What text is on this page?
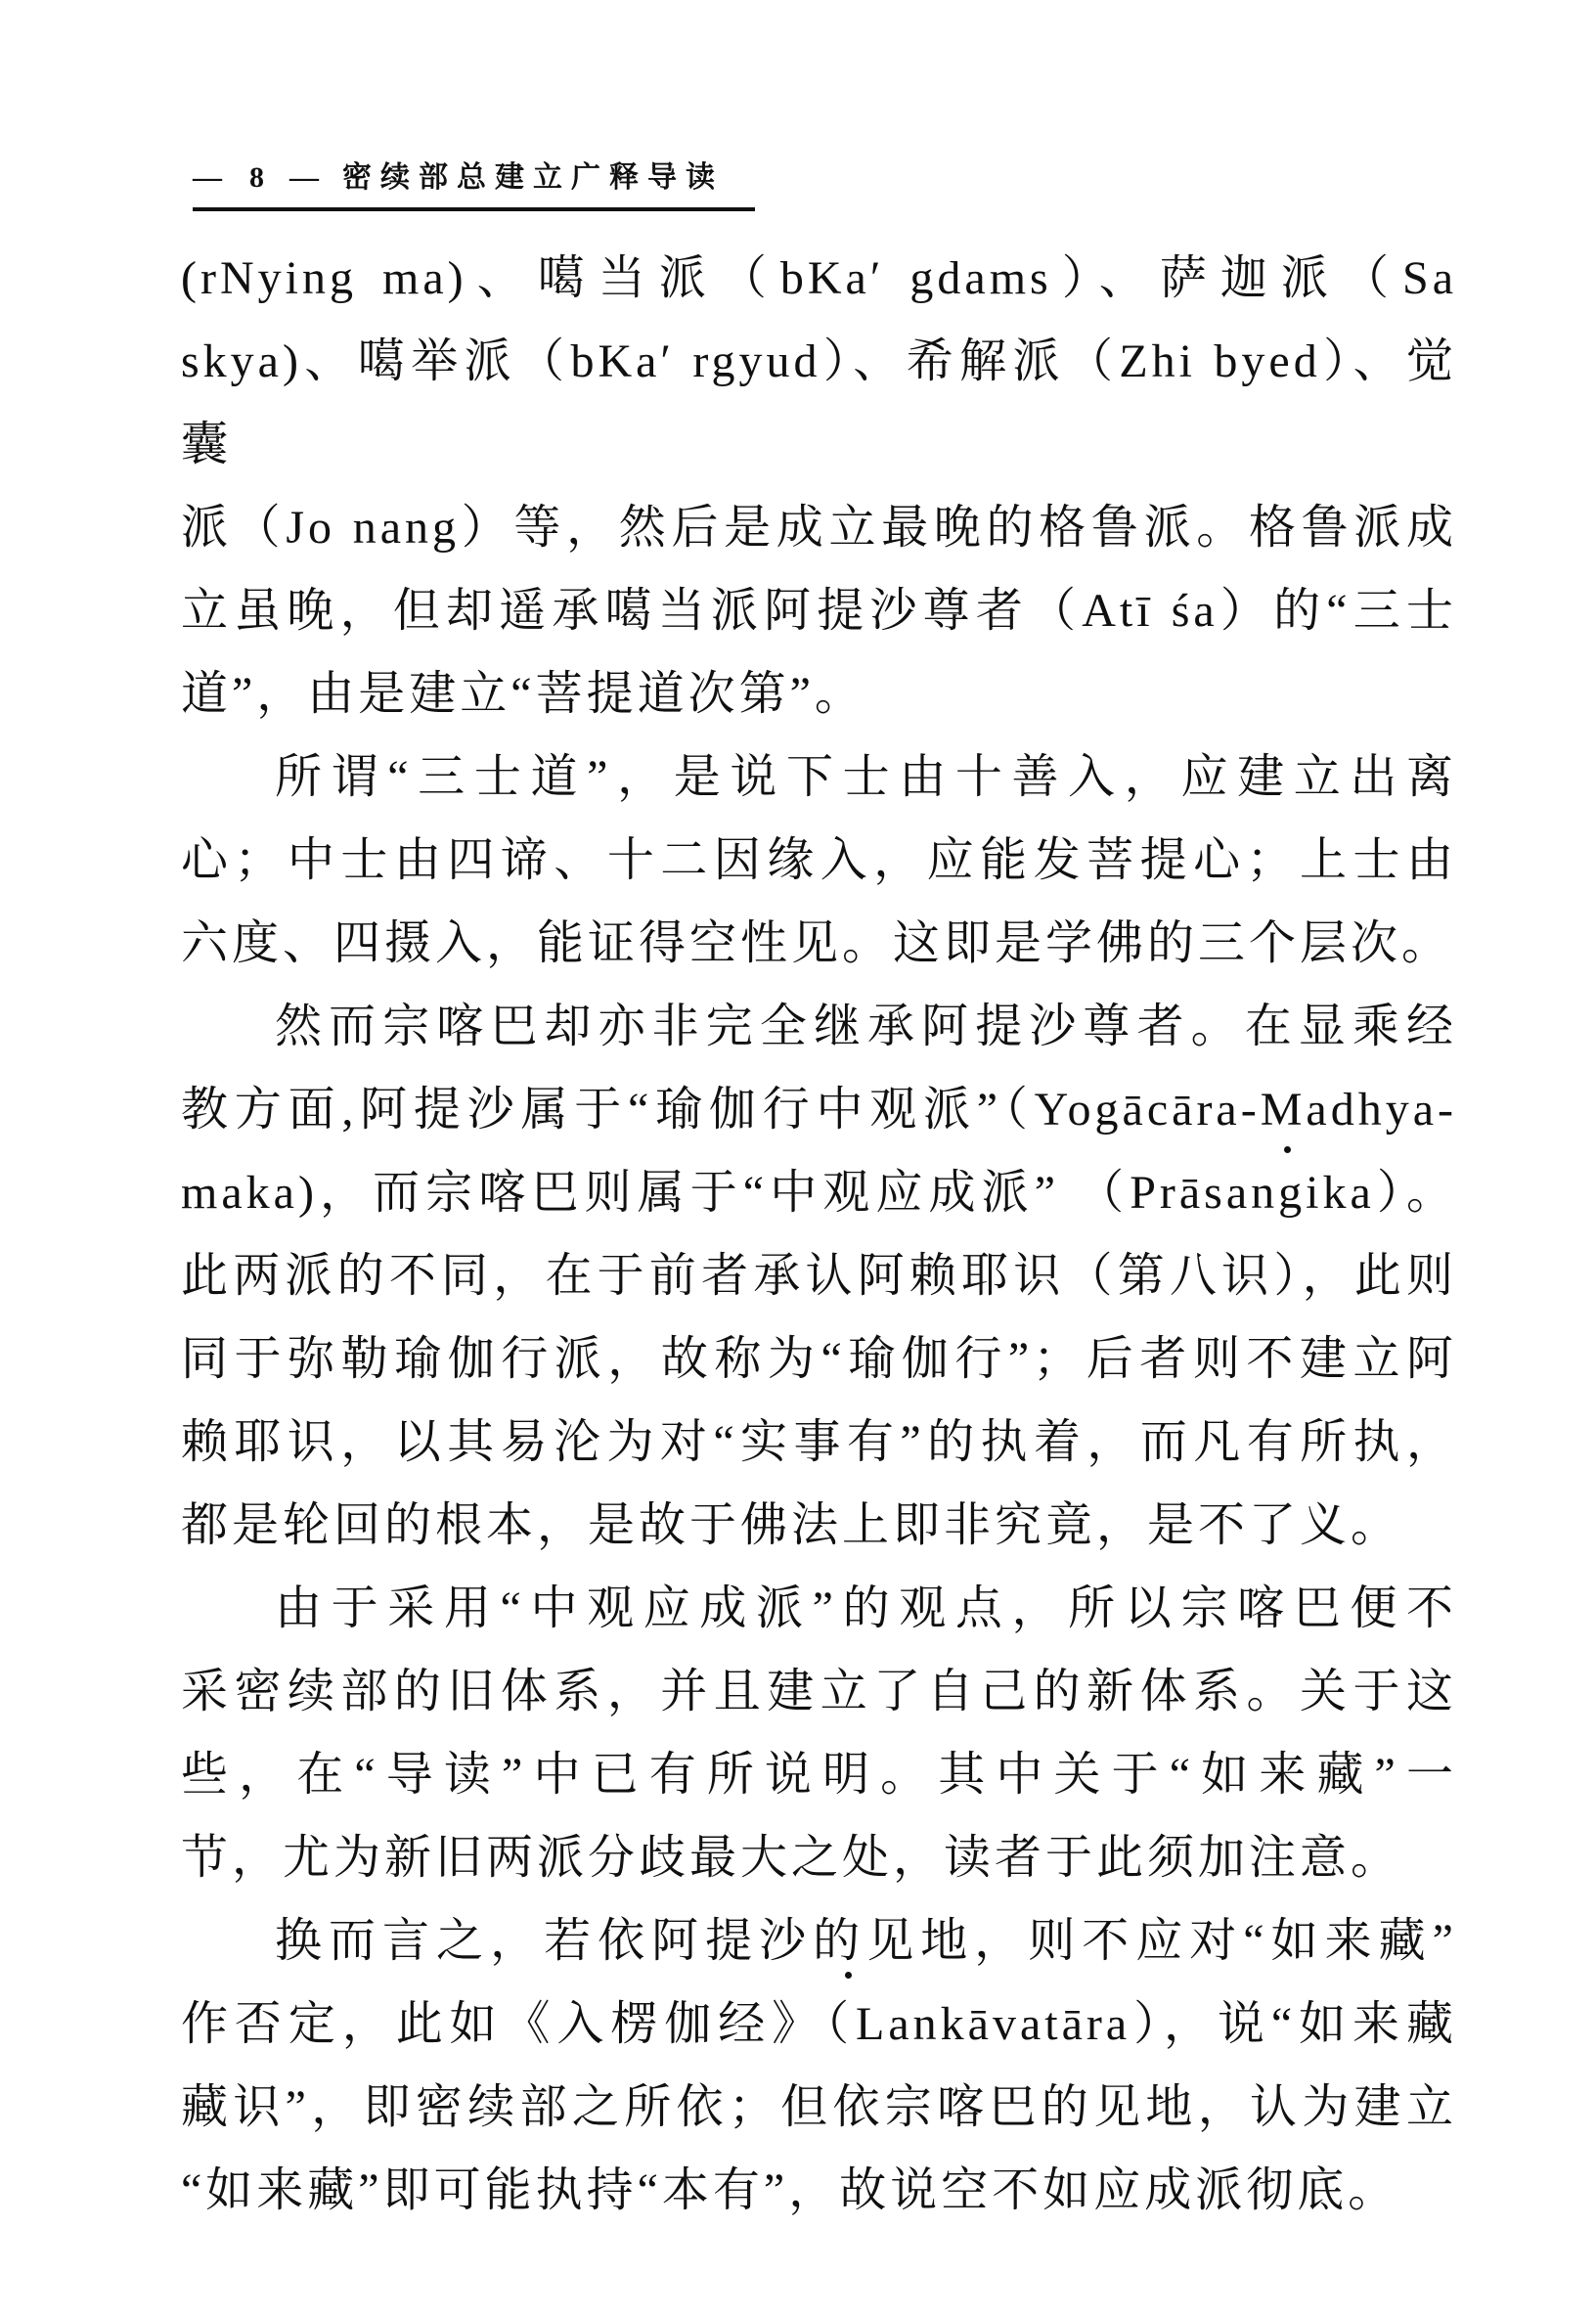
— 8 — 密续部总建立广释导读
(rNying ma)、噶当派（bKa′ gdams）、萨迦派（Sa
skya)、噶举派（bKa′ rgyud）、希解派（Zhi byed）、觉囊
派（Jo nang）等，然后是成立最晚的格鲁派。格鲁派成
立虽晚，但却遥承噶当派阿提沙尊者（Atī śa）的“三士
道”，由是建立“菩提道次第”。
所谓“三士道”，是说下士由十善入，应建立出离
心；中士由四谛、十二因缘入，应能发菩提心；上士由
六度、四摄入，能证得空性见。这即是学佛的三个层次。
然而宗喀巴却亦非完全继承阿提沙尊者。在显乘经
教方面,阿提沙属于“瑜伽行中观派”（Yogācāra-Madhya-
maka)，而宗喀巴则属于“中观应成派” （Prāsangika）。
此两派的不同，在于前者承认阿赖耶识（第八识），此则
同于弥勒瑜伽行派，故称为“瑜伽行”；后者则不建立阿
赖耶识，以其易沦为对“实事有”的执着，而凡有所执，
都是轮回的根本，是故于佛法上即非究竟，是不了义。
由于采用“中观应成派”的观点，所以宗喀巴便不
采密续部的旧体系，并且建立了自己的新体系。关于这
些，在“导读”中已有所说明。其中关于“如来藏”一
节，尤为新旧两派分歧最大之处，读者于此须加注意。
换而言之，若依阿提沙的见地，则不应对“如来藏”
作否定，此如《入楞伽经》（Lankāvatāra），说“如来藏
藏识”，即密续部之所依；但依宗喀巴的见地，认为建立
“如来藏”即可能执持“本有”，故说空不如应成派彻底。
